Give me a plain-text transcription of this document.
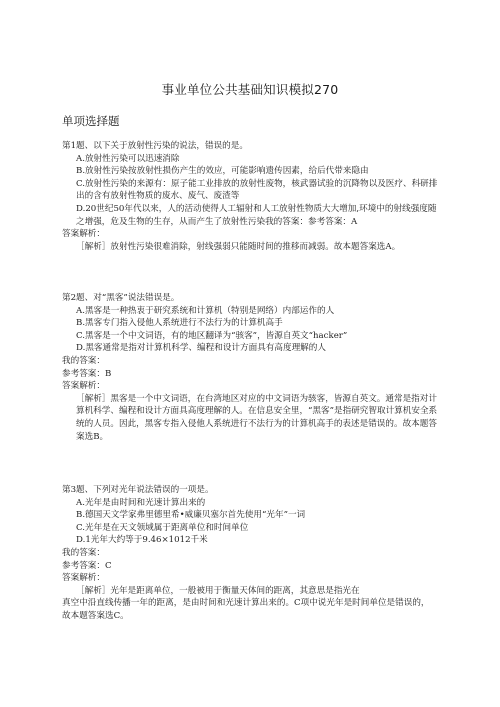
事业单位公共基础知识模拟270
单项选择题
第1题、以下关于放射性污染的说法，错误的是。
A.放射性污染可以迅速消除
B.放射性污染按放射性损伤产生的效应，可能影响遗传因素，给后代带来隐由
C.放射性污染的来源有：原子能工业排放的放射性废物，核武器试验的沉降物以及医疗、科研排出的含有放射性物质的废水、废气、废渣等
D.20世纪50年代以来，人的活动使得人工辐射和人工放射性物质大大增加,环境中的射线强度随之增强，危及生物的生存，从而产生了放射性污染我的答案：参考答案：A
答案解析：
［解析］放射性污染很难消除，射线强弱只能随时间的推移而减弱。故本题答案选A。
第2题、对“黑客”说法错误是。
A.黑客是一种热衷于研究系统和计算机（特别是网络）内部运作的人
B.黑客专门指入侵他人系统进行不法行为的计算机高手
C.黑客是一个中文词语，有的地区翻译为“骇客”，皆源自英文“hacker”
D.黑客通常是指对计算机科学、编程和设计方面具有高度理解的人
我的答案：
参考答案：B
答案解析：
［解析］黑客是一个中文词语，在台湾地区对应的中文词语为骇客，皆源自英文。通常是指对计算机科学、编程和设计方面具高度理解的人。在信息安全里，“黑客”是指研究智取计算机安全系统的人员。因此，黑客专指入侵他人系统进行不法行为的计算机高手的表述是错误的。故本题答案选B。
第3题、下列对光年说法错误的一项是。
A.光年是由时间和光速计算出来的
B.德国天文学家弗里德里希•威廉贝塞尔首先使用“光年”一词
C.光年是在天文领域属于距离单位和时间单位
D.1光年大约等于9.46×1012千米
我的答案：
参考答案：C
答案解析：
［解析］光年是距离单位，一般被用于衡量天体间的距离，其意思是指光在
真空中沿直线传播一年的距离，是由时间和光速计算出来的。C项中说光年是时间单位是错误的，故本题答案选C。
